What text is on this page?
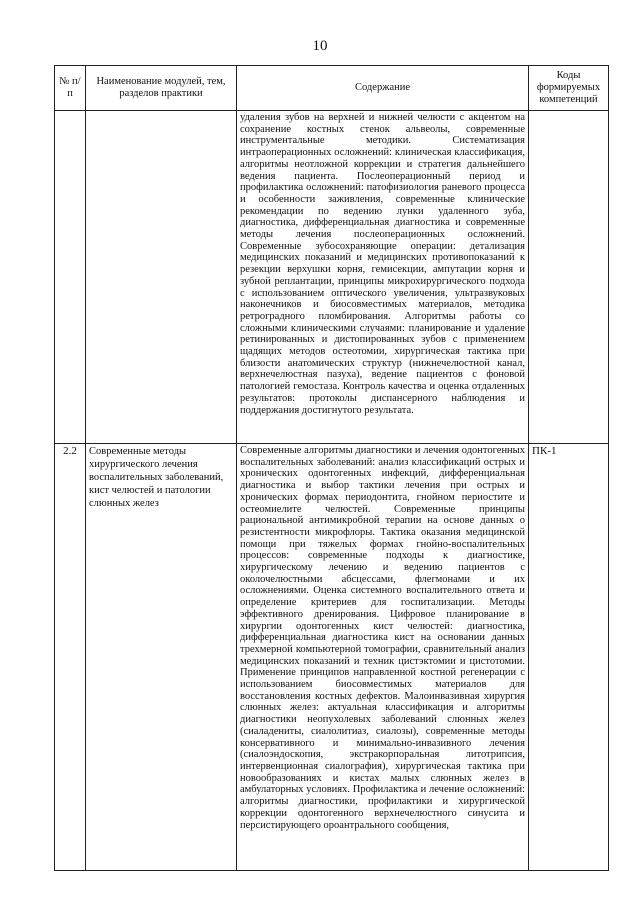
10
№ п/п	Наименование модулей, тем, разделов практики	Содержание	Коды формируемых компетенций
		удаления зубов на верхней и нижней челюсти с акцентом на сохранение костных стенок альвеолы, современные инструментальные методики. Систематизация интраоперационных осложнений: клиническая классификация, алгоритмы неотложной коррекции и стратегия дальнейшего ведения пациента. Послеоперационный период и профилактика осложнений: патофизиология раневого процесса и особенности заживления, современные клинические рекомендации по ведению лунки удаленного зуба, диагностика, дифференциальная диагностика и современные методы лечения послеоперационных осложнений. Современные зубосохраняющие операции: детализация медицинских показаний и медицинских противопоказаний к резекции верхушки корня, гемисекции, ампутации корня и зубной реплантации, принципы микрохирургического подхода с использованием оптического увеличения, ультразвуковых наконечников и биосовместимых материалов, методика ретроградного пломбирования. Алгоритмы работы со сложными клиническими случаями: планирование и удаление ретинированных и дистопированных зубов с применением щадящих методов остеотомии, хирургическая тактика при близости анатомических структур (нижнечелюстной канал, верхнечелюстная пазуха), ведение пациентов с фоновой патологией гемостаза. Контроль качества и оценка отдаленных результатов: протоколы диспансерного наблюдения и поддержания достигнутого результата.	
2.2	Современные методы хирургического лечения воспалительных заболеваний, кист челюстей и патологии слюнных желез	Современные алгоритмы диагностики и лечения одонтогенных воспалительных заболеваний: анализ классификаций острых и хронических одонтогенных инфекций, дифференциальная диагностика и выбор тактики лечения при острых и хронических формах периодонтита, гнойном периостите и остеомиелите челюстей. Современные принципы рациональной антимикробной терапии на основе данных о резистентности микрофлоры. Тактика оказания медицинской помощи при тяжелых формах гнойно-воспалительных процессов: современные подходы к диагностике, хирургическому лечению и ведению пациентов с околочелюстными абсцессами, флегмонами и их осложнениями. Оценка системного воспалительного ответа и определение критериев для госпитализации. Методы эффективного дренирования. Цифровое планирование в хирургии одонтогенных кист челюстей: диагностика, дифференциальная диагностика кист на основании данных трехмерной компьютерной томографии, сравнительный анализ медицинских показаний и техник цистэктомии и цистотомии. Применение принципов направленной костной регенерации с использованием биосовместимых материалов для восстановления костных дефектов. Малоинвазивная хирургия слюнных желез: актуальная классификация и алгоритмы диагностики неопухолевых заболеваний слюнных желез (сиаладениты, сиалолитиаз, сиалозы), современные методы консервативного и минимально-инвазивного лечения (сиалоэндоскопия, экстракорпоральная литотрипсия, интервенционная сиалография), хирургическая тактика при новообразованиях и кистах малых слюнных желез в амбулаторных условиях. Профилактика и лечение осложнений: алгоритмы диагностики, профилактики и хирургической коррекции одонтогенного верхнечелюстного синусита и персистирующего ороантрального сообщения,	ПК-1
